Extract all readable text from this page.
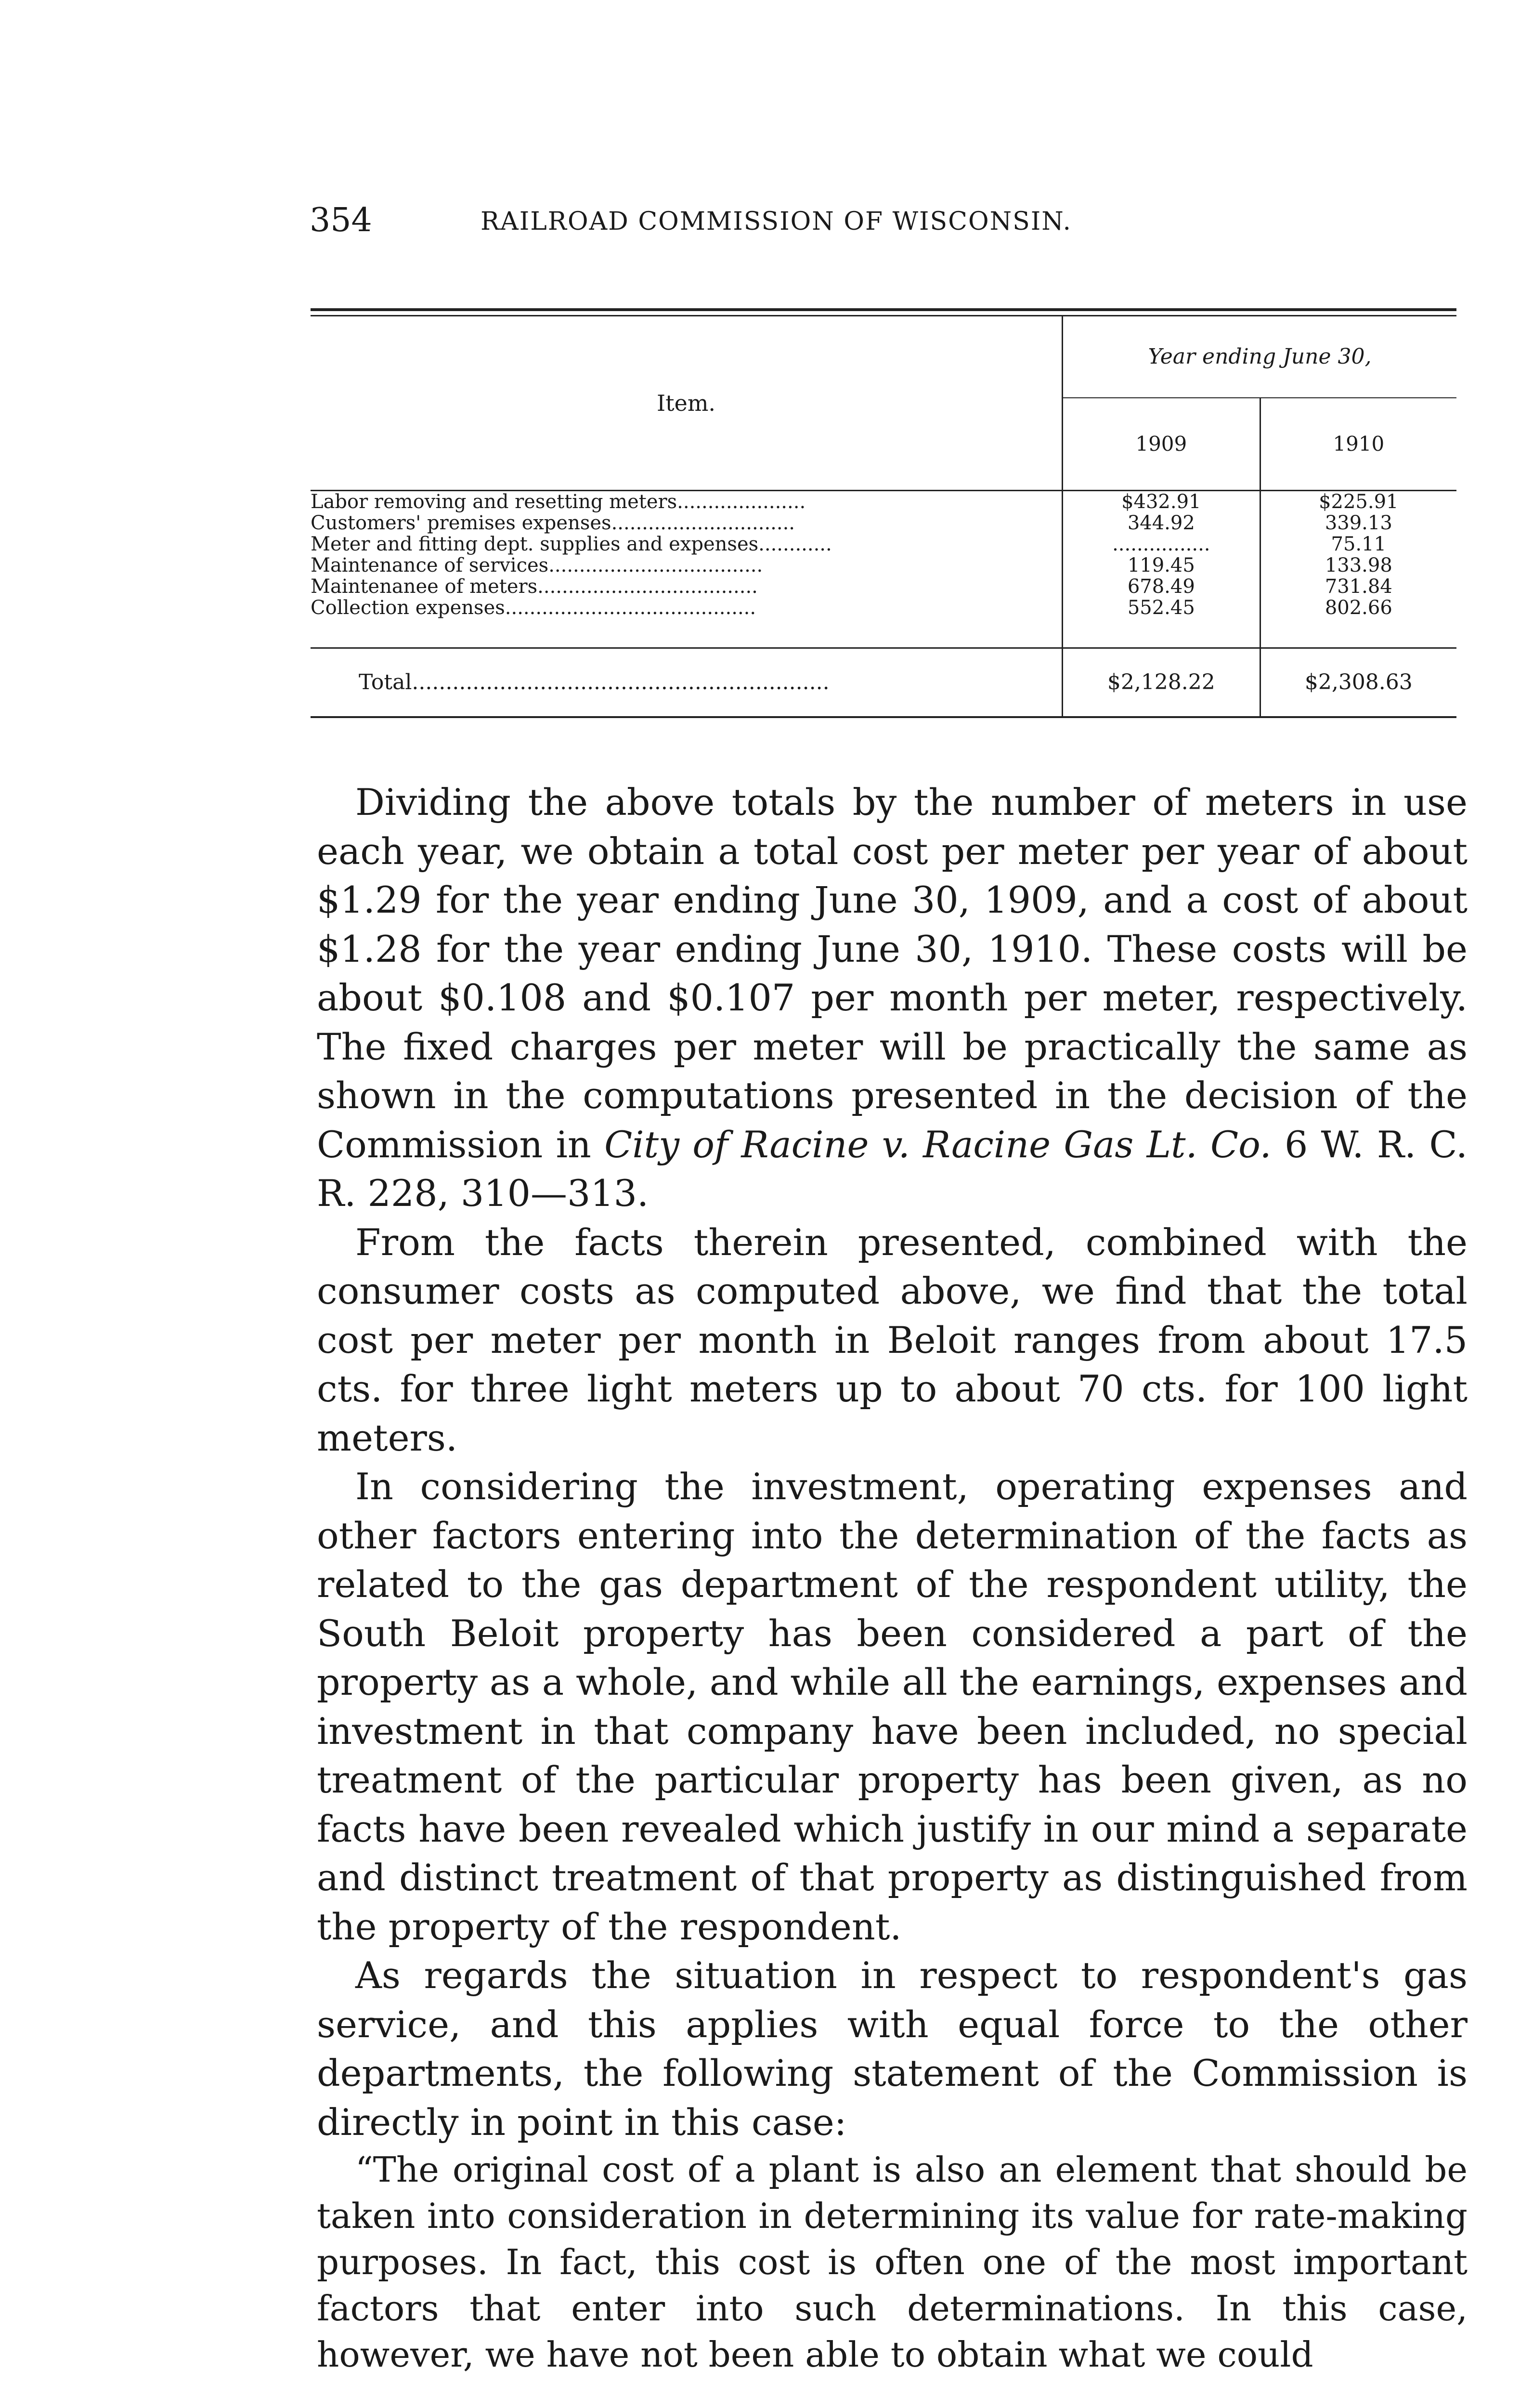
354	RAILROAD COMMISSION OF WISCONSIN.
Item.	Year ending June 30,	
	1909	1910
Labor removing and resetting meters.....................	$432.91	$225.91
Customers' premises expenses..............................	344.92	339.13
Meter and fitting dept. supplies and expenses............	................	75.11
Maintenance of services...................................	119.45	133.98
Maintenanee of meters....................................	678.49	731.84
Collection expenses.........................................	552.45	802.66
Total..............................................................	$2,128.22	$2,308.63

Dividing the above totals by the number of meters in use each year, we obtain a total cost per meter per year of about $1.29 for the year ending June 30, 1909, and a cost of about $1.28 for the year ending June 30, 1910. These costs will be about $0.108 and $0.107 per month per meter, respectively. The fixed charges per meter will be practically the same as shown in the computations presented in the decision of the Commission in City of Racine v. Racine Gas Lt. Co. 6 W. R. C. R. 228, 310—313.

From the facts therein presented, combined with the consumer costs as computed above, we find that the total cost per meter per month in Beloit ranges from about 17.5 cts. for three light meters up to about 70 cts. for 100 light meters.

In considering the investment, operating expenses and other factors entering into the determination of the facts as related to the gas department of the respondent utility, the South Beloit property has been considered a part of the property as a whole, and while all the earnings, expenses and investment in that company have been included, no special treatment of the particular property has been given, as no facts have been revealed which justify in our mind a separate and distinct treatment of that property as distinguished from the property of the respondent.

As regards the situation in respect to respondent's gas service, and this applies with equal force to the other departments, the following statement of the Commission is directly in point in this case:

“The original cost of a plant is also an element that should be taken into consideration in determining its value for rate-making purposes. In fact, this cost is often one of the most important factors that enter into such determinations. In this case, however, we have not been able to obtain what we could
